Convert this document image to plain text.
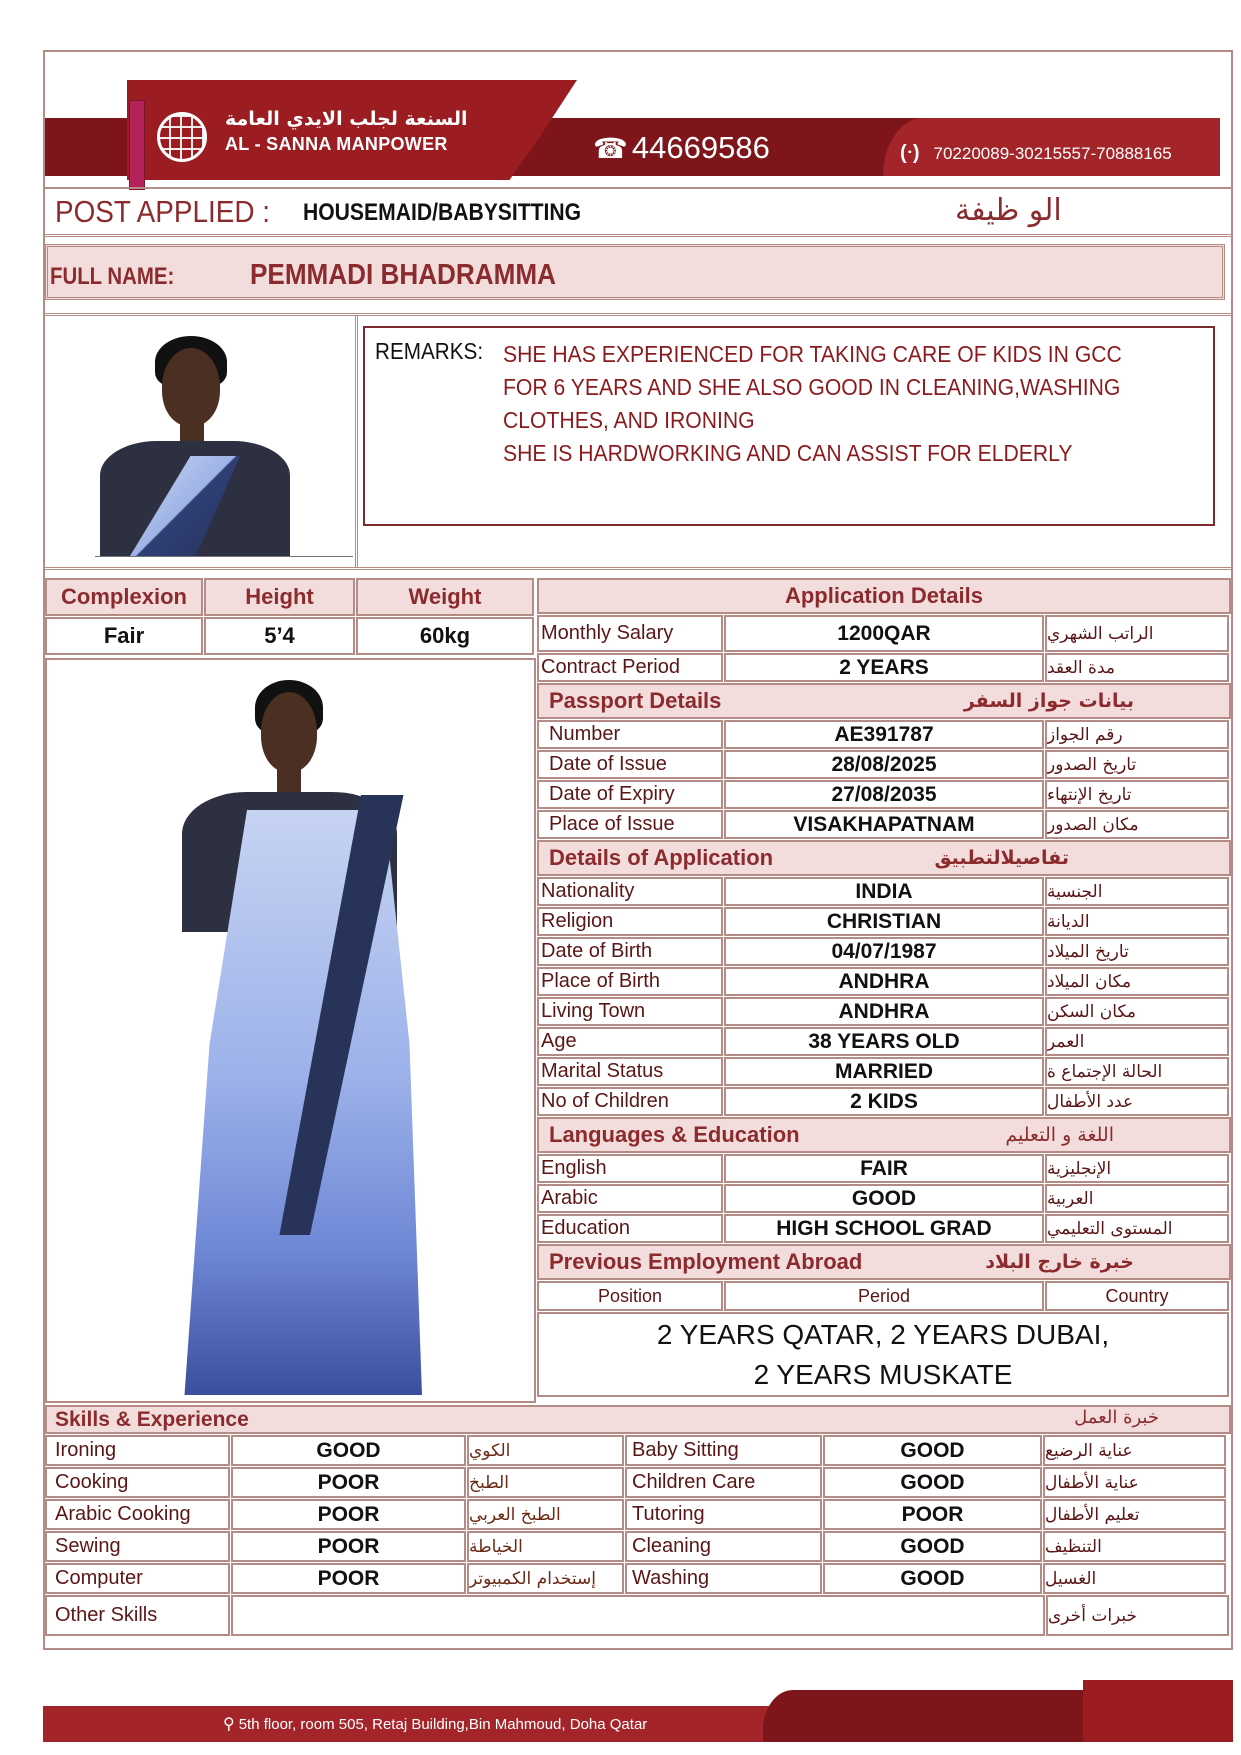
السنعة لجلب الايدي العامة
AL - SANNA MANPOWER	☎ 44669586	(ᐧ) 70220089-30215557-70888165
POST APPLIED : HOUSEMAID/BABYSITTING	الو ظيفة
FULL NAME:	PEMMADI BHADRAMMA
REMARKS: SHE HAS EXPERIENCED FOR TAKING CARE OF KIDS IN GCC
FOR 6 YEARS AND SHE ALSO GOOD IN CLEANING,WASHING
CLOTHES, AND IRONING
SHE IS HARDWORKING AND CAN ASSIST FOR ELDERLY
Complexion	Height	Weight
Fair	5’4	60kg
Application Details
Monthly Salary	1200QAR	الراتب الشهري
Contract Period	2 YEARS	مدة العقد
Passport Details	بيانات جواز السفر
Number	AE391787	رقم الجواز
Date of Issue	28/08/2025	تاريخ الصدور
Date of Expiry	27/08/2035	تاريخ الإنتهاء
Place of Issue	VISAKHAPATNAM	مكان الصدور
Details of Application	تفاصيلالتطبيق
Nationality	INDIA	الجنسية
Religion	CHRISTIAN	الديانة
Date of Birth	04/07/1987	تاريخ الميلاد
Place of Birth	ANDHRA	مكان الميلاد
Living Town	ANDHRA	مكان السكن
Age	38 YEARS OLD	العمر
Marital Status	MARRIED	الحالة الإجتماع ة
No of Children	2 KIDS	عدد الأطفال
Languages & Education	اللغة و التعليم
English	FAIR	الإنجليزية
Arabic	GOOD	العربية
Education	HIGH SCHOOL GRAD	المستوى التعليمي
Previous Employment Abroad	خبرة خارج البلاد
Position	Period	Country
2 YEARS QATAR, 2 YEARS DUBAI,
2 YEARS MUSKATE
Skills & Experience	خبرة العمل
Ironing	GOOD	الكوي	Baby Sitting	GOOD	عناية الرضيع
Cooking	POOR	الطبخ	Children Care	GOOD	عناية الأطفال
Arabic Cooking	POOR	الطبخ العربي	Tutoring	POOR	تعليم الأطفال
Sewing	POOR	الخياطة	Cleaning	GOOD	التنظيف
Computer	POOR	إستخدام الكمبيوتر	Washing	GOOD	الغسيل
Other Skills	خبرات أخرى
⚲ 5th floor, room 505, Retaj Building,Bin Mahmoud, Doha Qatar
